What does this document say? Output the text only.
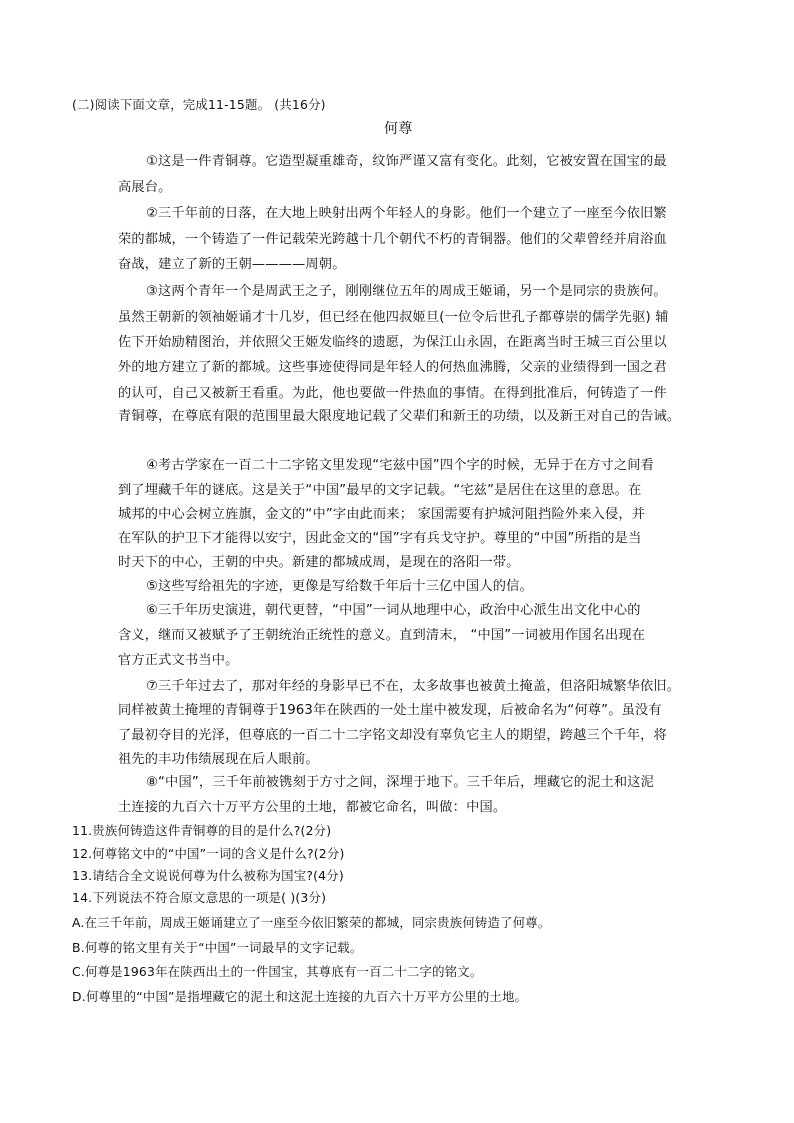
(二)阅读下面文章，完成11-15题。 (共16分)
何尊
①这是一件青铜尊。它造型凝重雄奇，纹饰严谨又富有变化。此刻，它被安置在国宝的最
高展台。
②三千年前的日落，在大地上映射出两个年轻人的身影。他们一个建立了一座至今依旧繁
荣的都城，一个铸造了一件记载荣光跨越十几个朝代不朽的青铜器。他们的父辈曾经并肩浴血
奋战，建立了新的王朝————周朝。
③这两个青年一个是周武王之子，刚刚继位五年的周成王姬诵，另一个是同宗的贵族何。
虽然王朝新的领袖姬诵才十几岁，但已经在他四叔姬旦(一位令后世孔子都尊崇的儒学先驱) 辅
佐下开始励精图治，并依照父王姬发临终的遗愿，为保江山永固，在距离当时王城三百公里以
外的地方建立了新的都城。这些事迹使得同是年轻人的何热血沸腾，父亲的业绩得到一国之君
的认可，自己又被新王看重。为此，他也要做一件热血的事情。在得到批准后，何铸造了一件
青铜尊，在尊底有限的范围里最大限度地记载了父辈们和新王的功绩，以及新王对自己的告诫。
④考古学家在一百二十二字铭文里发现“宅兹中国”四个字的时候，无异于在方寸之间看
到了埋藏千年的谜底。这是关于“中国”最早的文字记载。“宅兹”是居住在这里的意思。在
城邦的中心会树立旌旗，金文的“中”字由此而来； 家国需要有护城河阻挡险外来入侵，并
在军队的护卫下才能得以安宁，因此金文的“国”字有兵戈守护。尊里的“中国”所指的是当
时天下的中心，王朝的中央。新建的都城成周，是现在的洛阳一带。
⑤这些写给祖先的字迹，更像是写给数千年后十三亿中国人的信。
⑥三千年历史演进，朝代更替，“中国”一词从地理中心，政治中心派生出文化中心的
含义，继而又被赋予了王朝统治正统性的意义。直到清末， “中国”一词被用作国名出现在
官方正式文书当中。
⑦三千年过去了，那对年经的身影早已不在，太多故事也被黄土掩盖，但洛阳城繁华依旧。
同样被黄土掩埋的青铜尊于1963年在陕西的一处土崖中被发现，后被命名为“何尊”。虽没有
了最初夺目的光泽，但尊底的一百二十二字铭文却没有辜负它主人的期望，跨越三个千年，将
祖先的丰功伟绩展现在后人眼前。
⑧“中国”，三千年前被镌刻于方寸之间，深埋于地下。三千年后，埋藏它的泥土和这泥
土连接的九百六十万平方公里的土地，都被它命名，叫做：中国。
11.贵族何铸造这件青铜尊的目的是什么?(2分)
12.何尊铭文中的“中国”一词的含义是什么?(2分)
13.请结合全文说说何尊为什么被称为国宝?(4分)
14.下列说法不符合原文意思的一项是( )(3分)
A.在三千年前，周成王姬诵建立了一座至今依旧繁荣的都城，同宗贵族何铸造了何尊。
B.何尊的铭文里有关于“中国”一词最早的文字记载。
C.何尊是1963年在陕西出土的一件国宝，其尊底有一百二十二字的铭文。
D.何尊里的“中国”是指埋藏它的泥土和这泥土连接的九百六十万平方公里的土地。
